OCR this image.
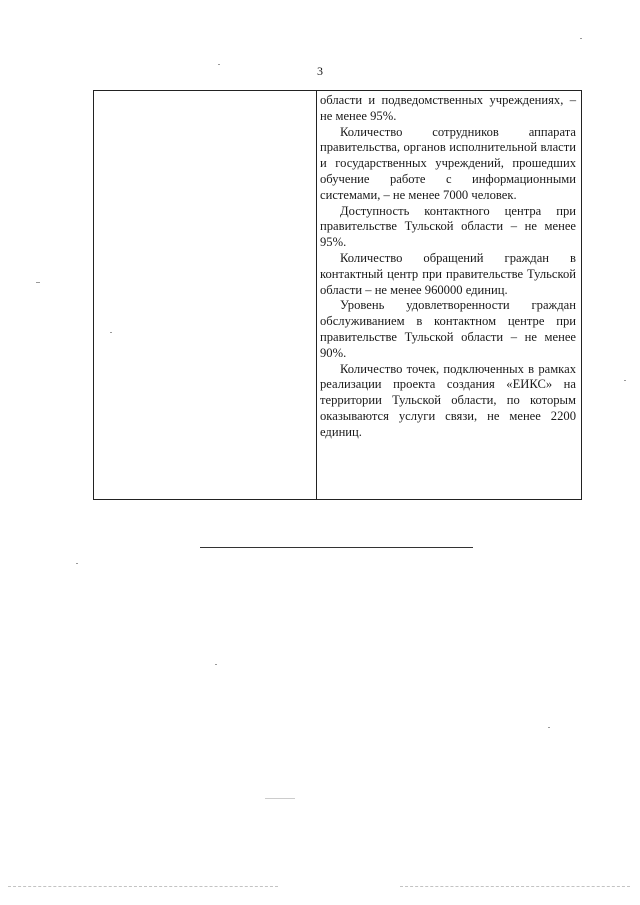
3

области и подведомственных учреждениях, – не менее 95%.

Количество сотрудников аппарата правительства, органов исполнительной власти и государственных учреждений, прошедших обучение работе с информационными системами, – не менее 7000 человек.

Доступность контактного центра при правительстве Тульской области – не менее 95%.

Количество обращений граждан в контактный центр при правительстве Тульской области – не менее 960000 единиц.

Уровень удовлетворенности граждан обслуживанием в контактном центре при правительстве Тульской области – не менее 90%.

Количество точек, подключенных в рамках реализации проекта создания «ЕИКС» на территории Тульской области, по которым оказываются услуги связи, не менее 2200 единиц.
